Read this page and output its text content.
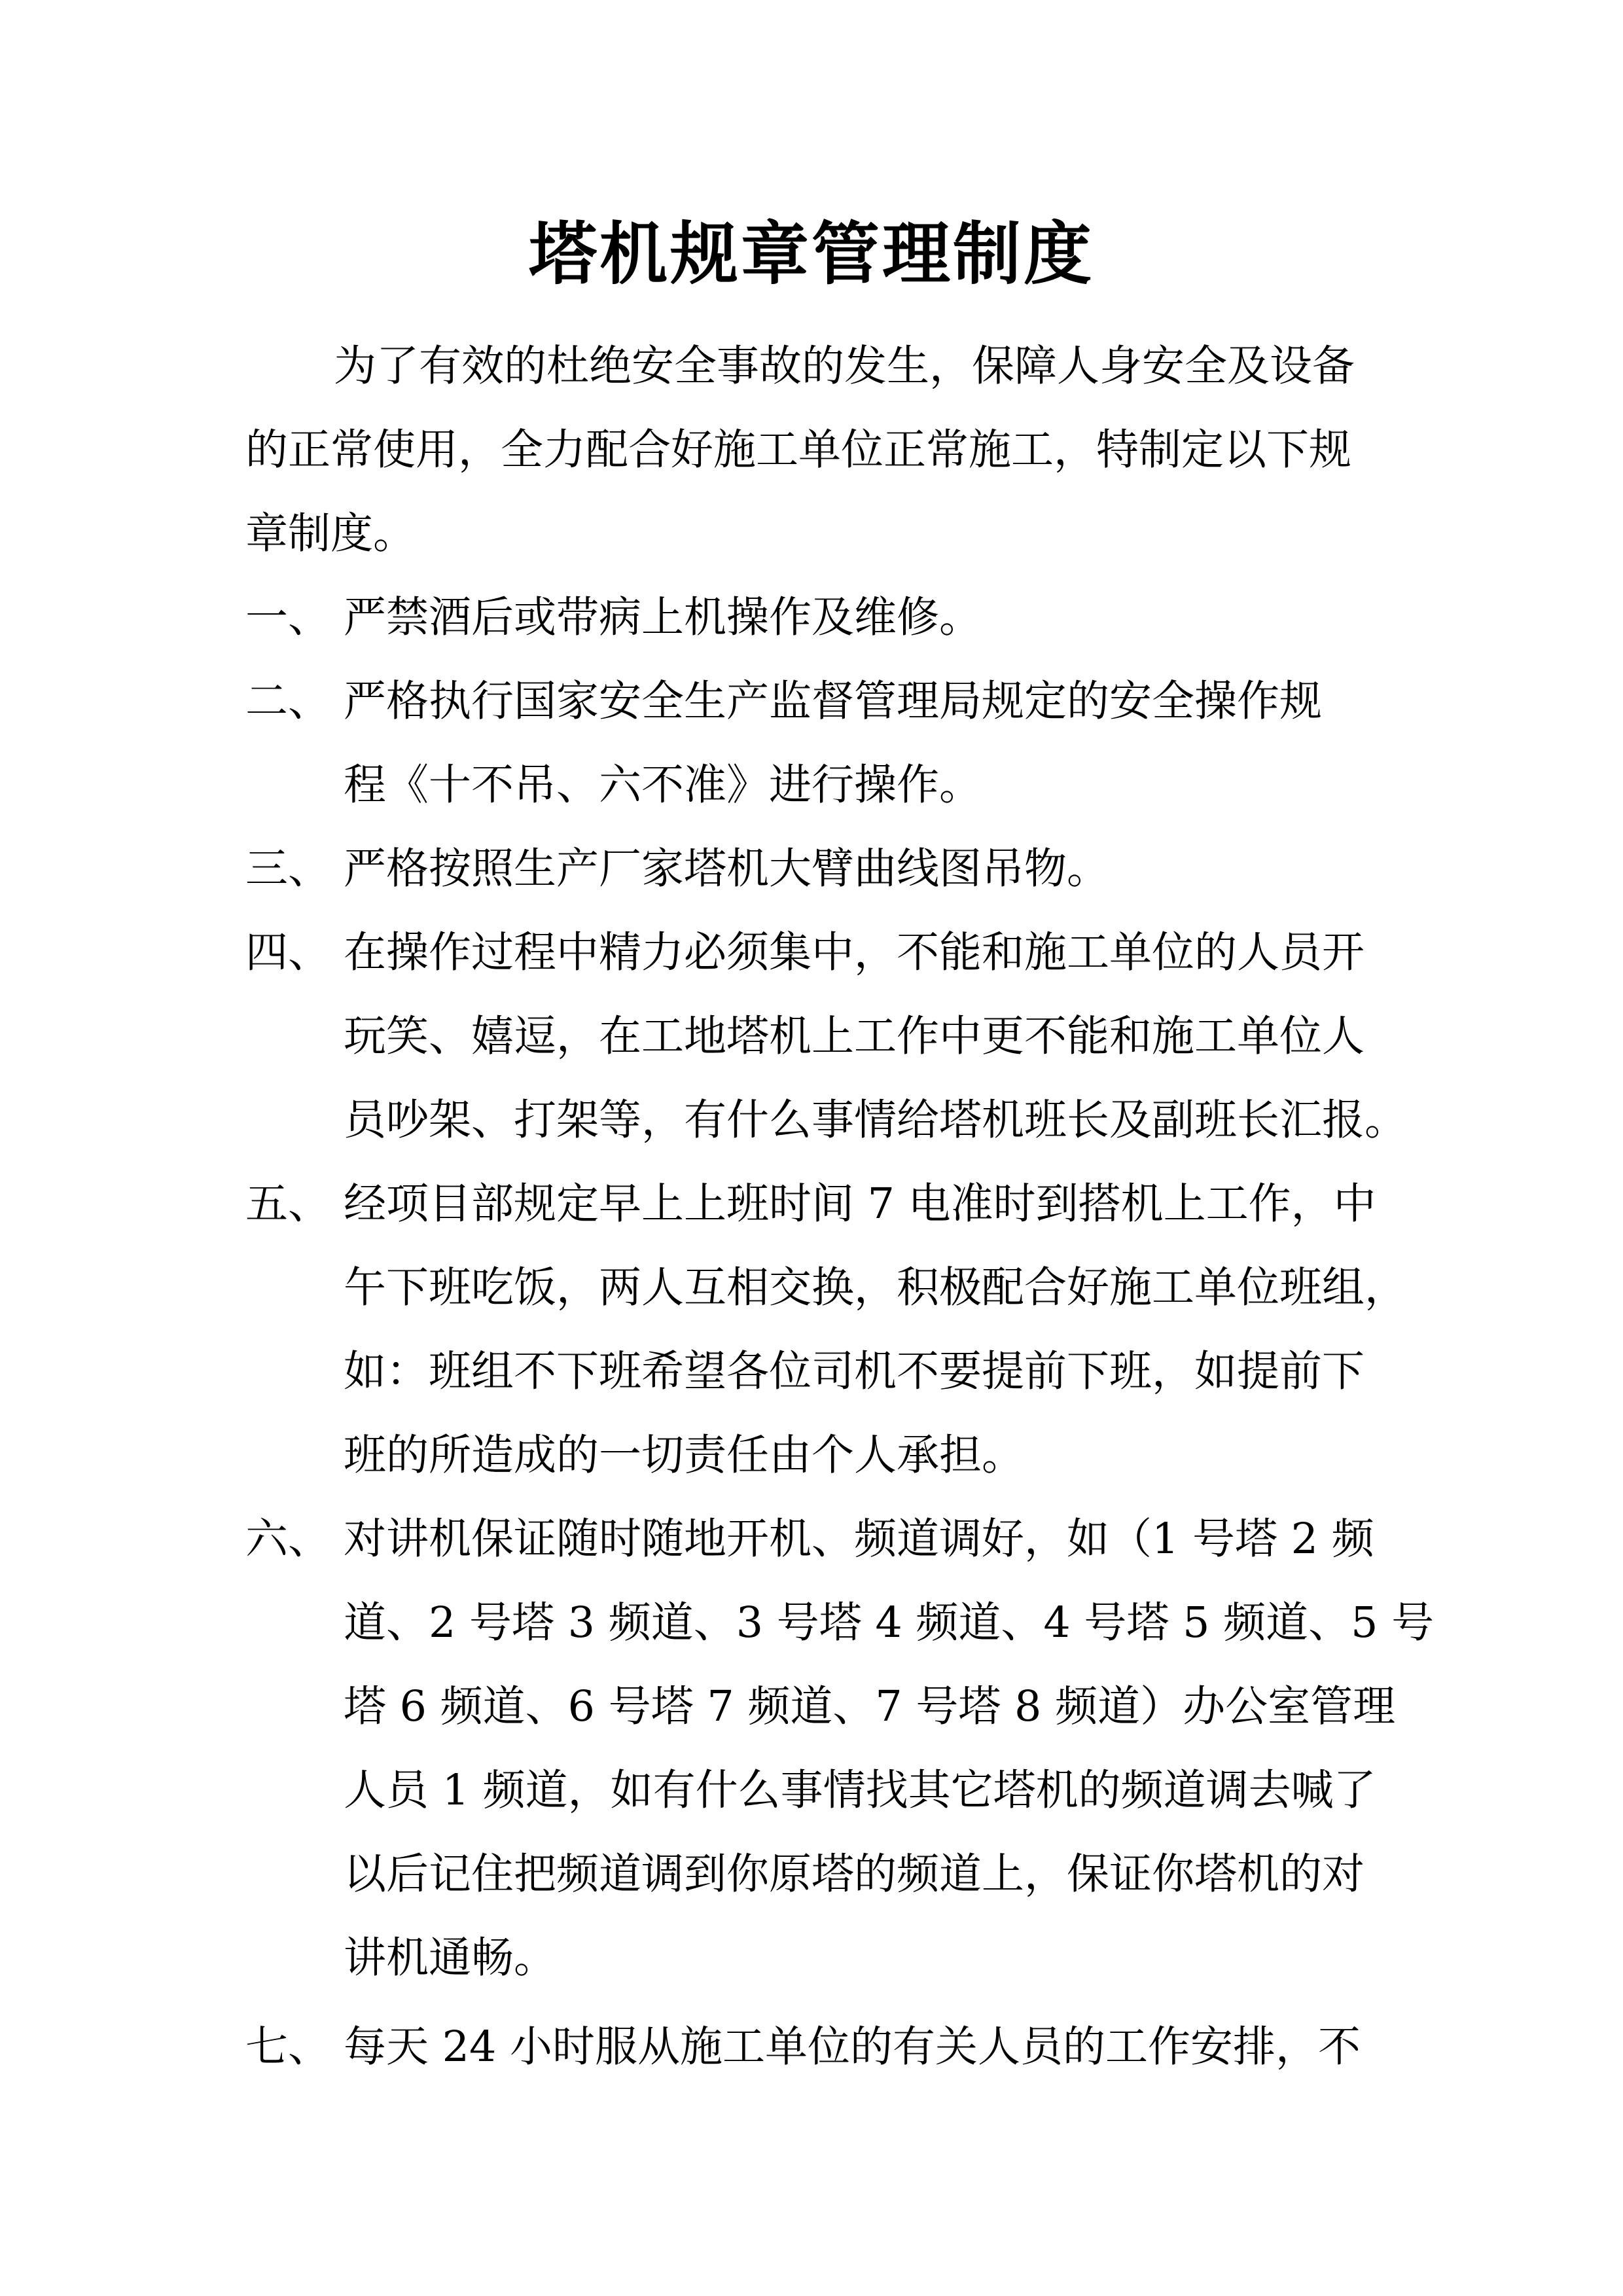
塔机规章管理制度
为了有效的杜绝安全事故的发生，保障人身安全及设备
的正常使用，全力配合好施工单位正常施工，特制定以下规
章制度。
一、 严禁酒后或带病上机操作及维修。
二、 严格执行国家安全生产监督管理局规定的安全操作规
程《十不吊、六不准》进行操作。
三、 严格按照生产厂家塔机大臂曲线图吊物。
四、 在操作过程中精力必须集中，不能和施工单位的人员开
玩笑、嬉逗，在工地塔机上工作中更不能和施工单位人
员吵架、打架等，有什么事情给塔机班长及副班长汇报。
五、 经项目部规定早上上班时间 7 电准时到搭机上工作，中
午下班吃饭，两人互相交换，积极配合好施工单位班组，
如：班组不下班希望各位司机不要提前下班，如提前下
班的所造成的一切责任由个人承担。
六、 对讲机保证随时随地开机、频道调好，如（1 号塔 2 频
道、2 号塔 3 频道、3 号塔 4 频道、4 号塔 5 频道、5 号
塔 6 频道、6 号塔 7 频道、7 号塔 8 频道）办公室管理
人员 1 频道，如有什么事情找其它塔机的频道调去喊了
以后记住把频道调到你原塔的频道上，保证你塔机的对
讲机通畅。
七、 每天 24 小时服从施工单位的有关人员的工作安排，不
